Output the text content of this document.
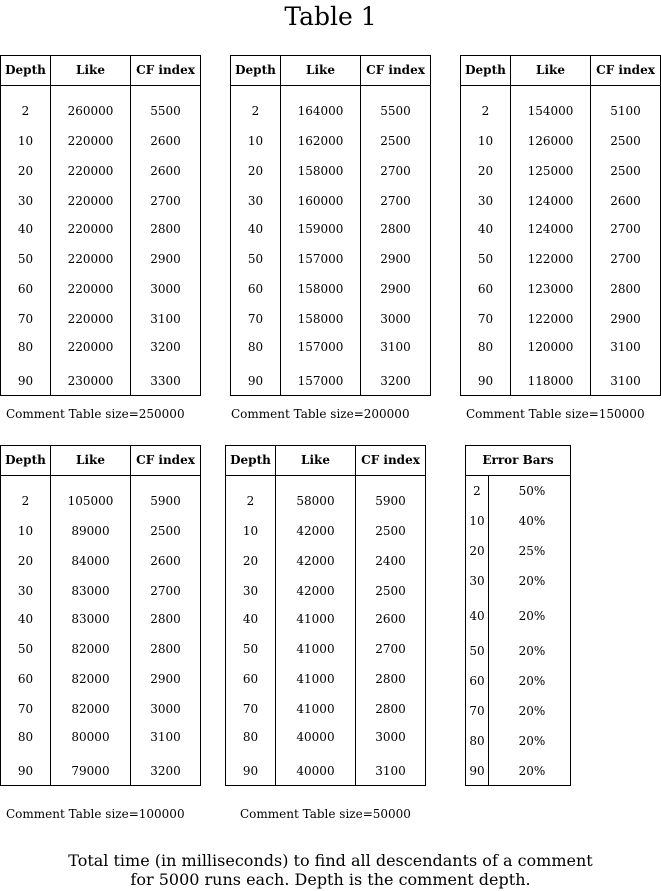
Table 1
Depth	Like	CF index
2	260000	5500
10	220000	2600
20	220000	2600
30	220000	2700
40	220000	2800
50	220000	2900
60	220000	3000
70	220000	3100
80	220000	3200
90	230000	3300
Comment Table size=250000
Depth	Like	CF index
2	164000	5500
10	162000	2500
20	158000	2700
30	160000	2700
40	159000	2800
50	157000	2900
60	158000	2900
70	158000	3000
80	157000	3100
90	157000	3200
Comment Table size=200000
Depth	Like	CF index
2	154000	5100
10	126000	2500
20	125000	2500
30	124000	2600
40	124000	2700
50	122000	2700
60	123000	2800
70	122000	2900
80	120000	3100
90	118000	3100
Comment Table size=150000
Depth	Like	CF index
2	105000	5900
10	89000	2500
20	84000	2600
30	83000	2700
40	83000	2800
50	82000	2800
60	82000	2900
70	82000	3000
80	80000	3100
90	79000	3200
Comment Table size=100000
Depth	Like	CF index
2	58000	5900
10	42000	2500
20	42000	2400
30	42000	2500
40	41000	2600
50	41000	2700
60	41000	2800
70	41000	2800
80	40000	3000
90	40000	3100
Comment Table size=50000
Error Bars
2	50%
10	40%
20	25%
30	20%
40	20%
50	20%
60	20%
70	20%
80	20%
90	20%
Total time (in milliseconds) to find all descendants of a comment
for 5000 runs each. Depth is the comment depth.
